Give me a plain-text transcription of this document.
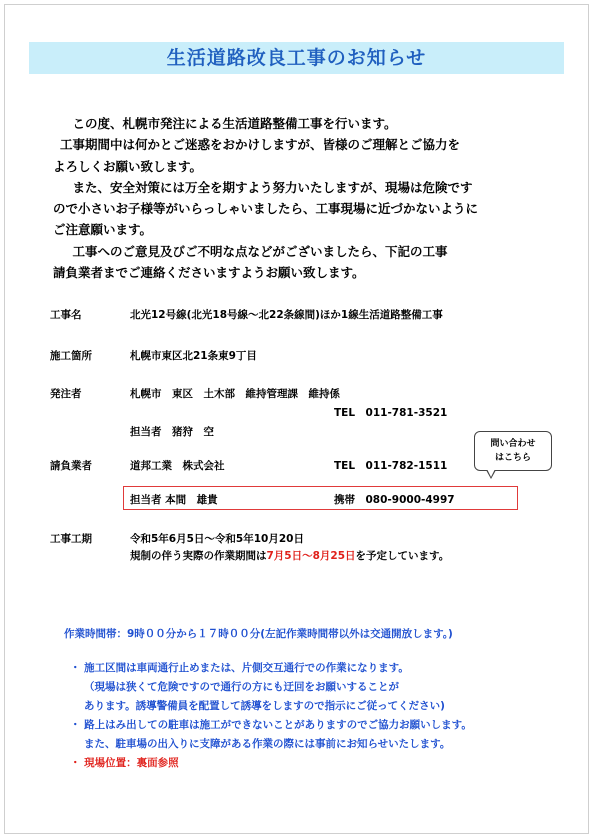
生活道路改良工事のお知らせ

　この度、札幌市発注による生活道路整備工事を行います。

工事期間中は何かとご迷惑をおかけしますが、皆様のご理解とご協力を

よろしくお願い致します。

　また、安全対策には万全を期すよう努力いたしますが、現場は危険です

ので小さいお子様等がいらっしゃいましたら、工事現場に近づかないように

ご注意願います。

　工事へのご意見及びご不明な点などがございましたら、下記の工事

請負業者までご連絡くださいますようお願い致します。

工事名	北光12号線(北光18号線～北22条線間)ほか1線生活道路整備工事
施工箇所	札幌市東区北21条東9丁目
発注者	札幌市　東区　土木部　維持管理課　維持係
TEL　011-781-3521
担当者　猪狩　空
請負業者	道邦工業　株式会社	TEL　011-782-1511
担当者 本間　雄貴	携帯　080-9000-4997
問い合わせ
はこちら
工事工期	令和5年6月5日～令和5年10月20日
規制の伴う実際の作業期間は7月5日～8月25日を予定しています。
作業時間帯：9時００分から１７時００分(左記作業時間帯以外は交通開放します。)
・ 施工区間は車両通行止めまたは、片側交互通行での作業になります。
（現場は狭くて危険ですので通行の方にも迂回をお願いすることが
あります。誘導警備員を配置して誘導をしますので指示にご従ってください)
・ 路上はみ出しての駐車は施工ができないことがありますのでご協力お願いします。
また、駐車場の出入りに支障がある作業の際には事前にお知らせいたします。
・ 現場位置：裏面参照
